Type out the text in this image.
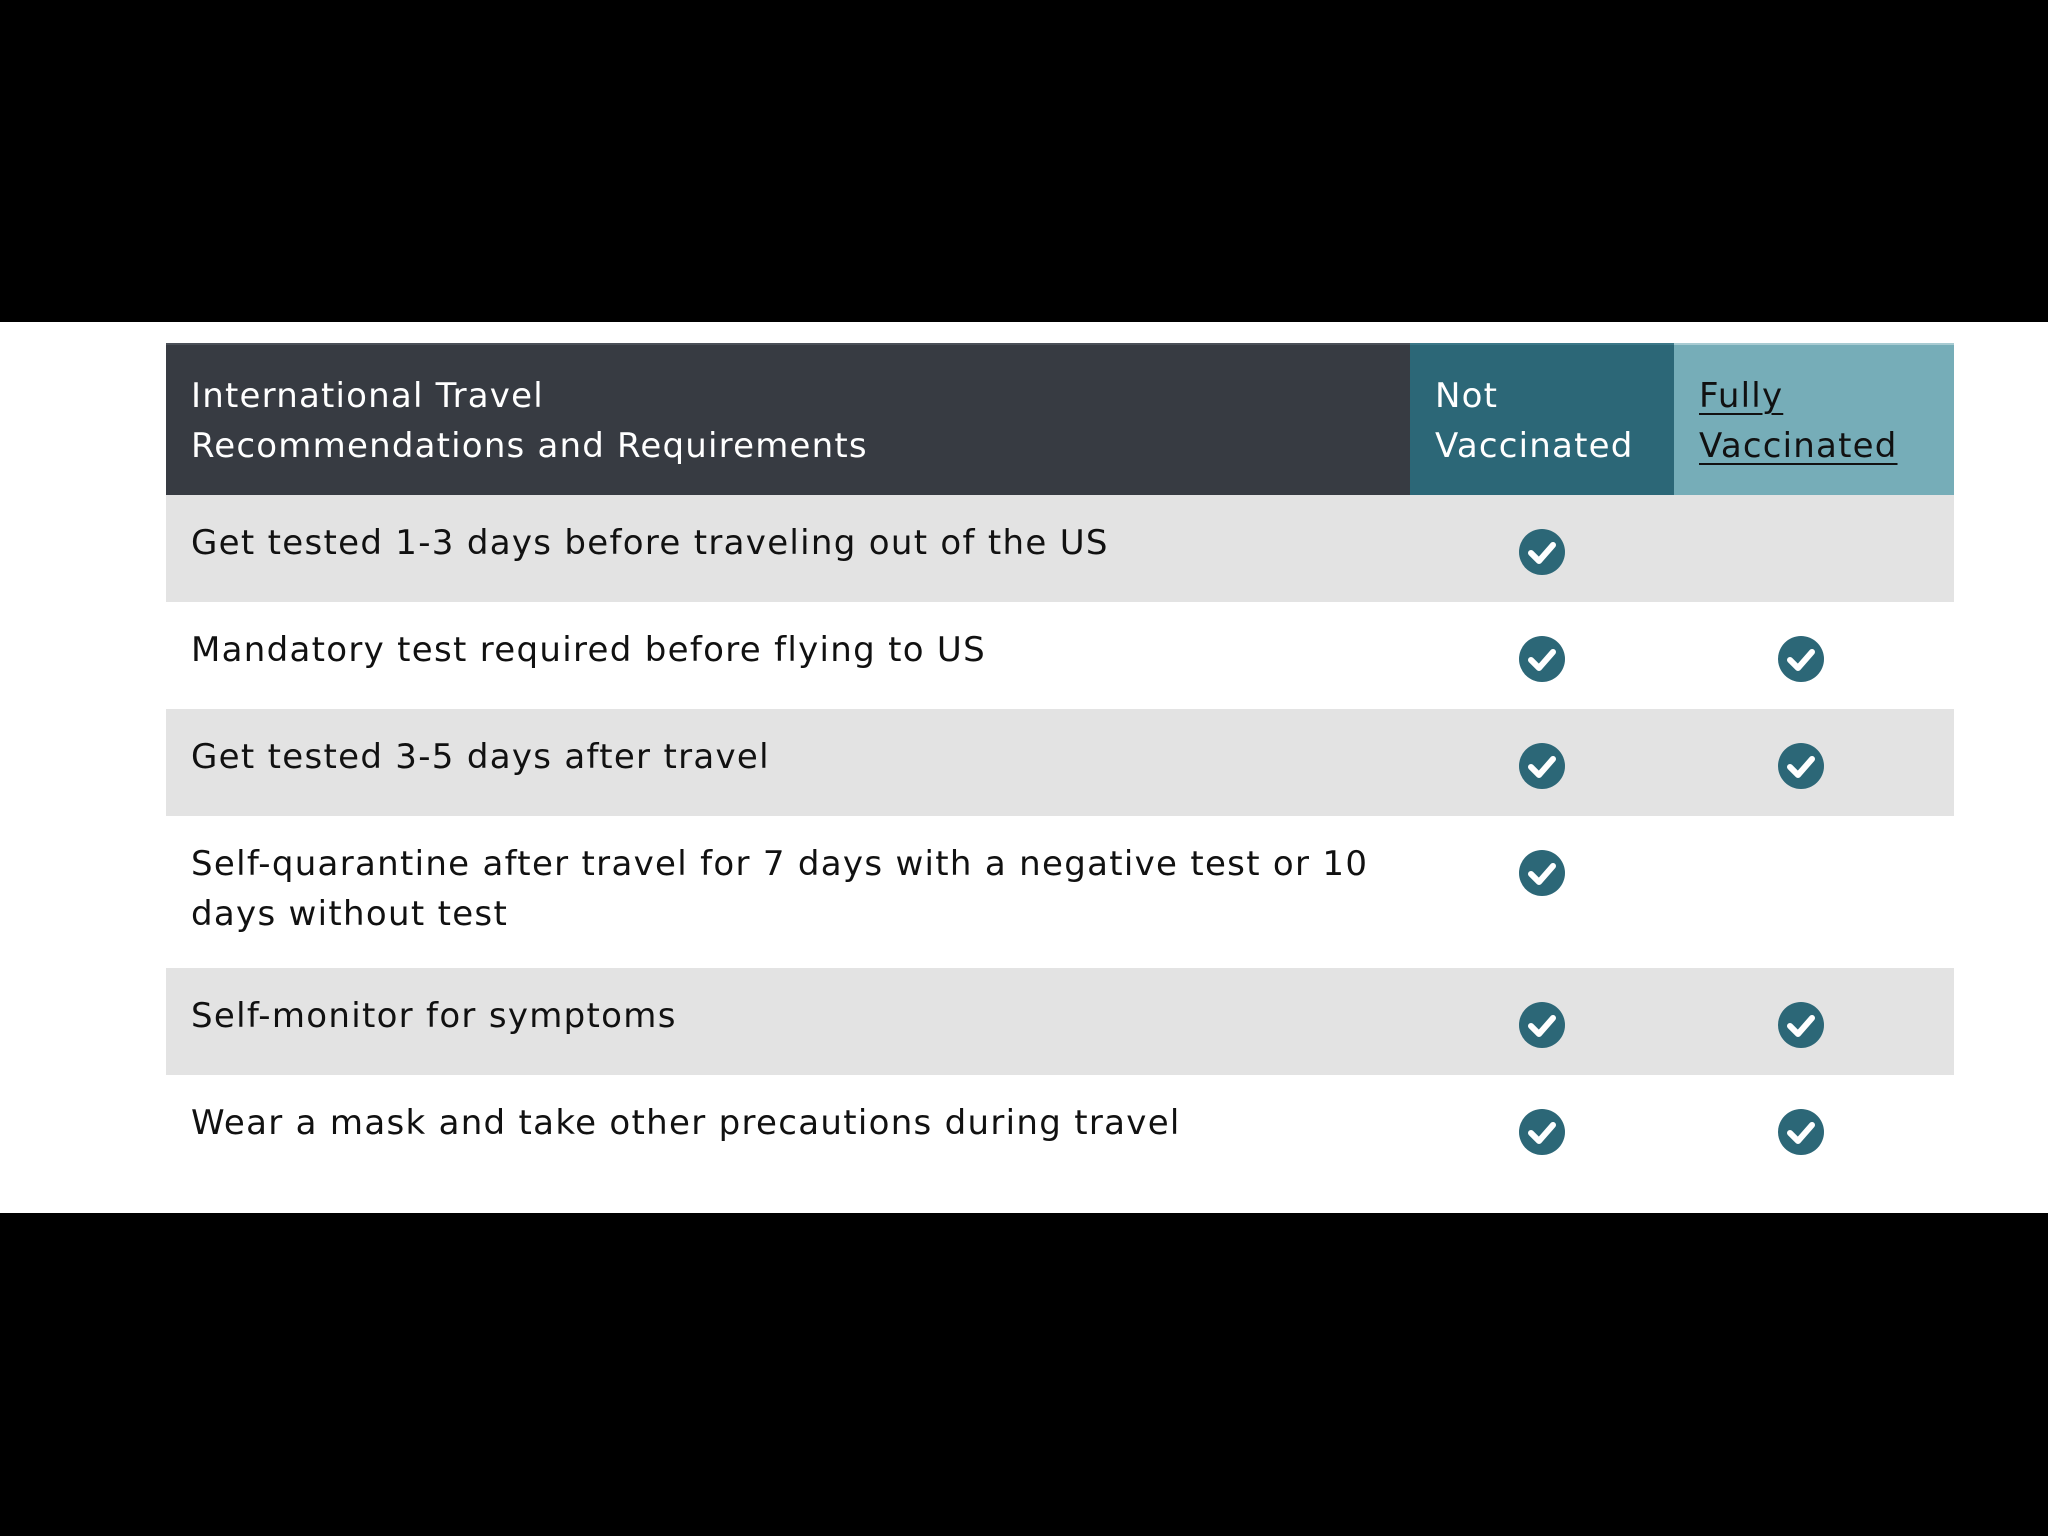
International Travel
Recommendations and Requirements
Not
Vaccinated
Fully
Vaccinated
Get tested 1-3 days before traveling out of the US
Mandatory test required before flying to US
Get tested 3-5 days after travel
Self-quarantine after travel for 7 days with a negative test or 10 days without test
Self-monitor for symptoms
Wear a mask and take other precautions during travel
